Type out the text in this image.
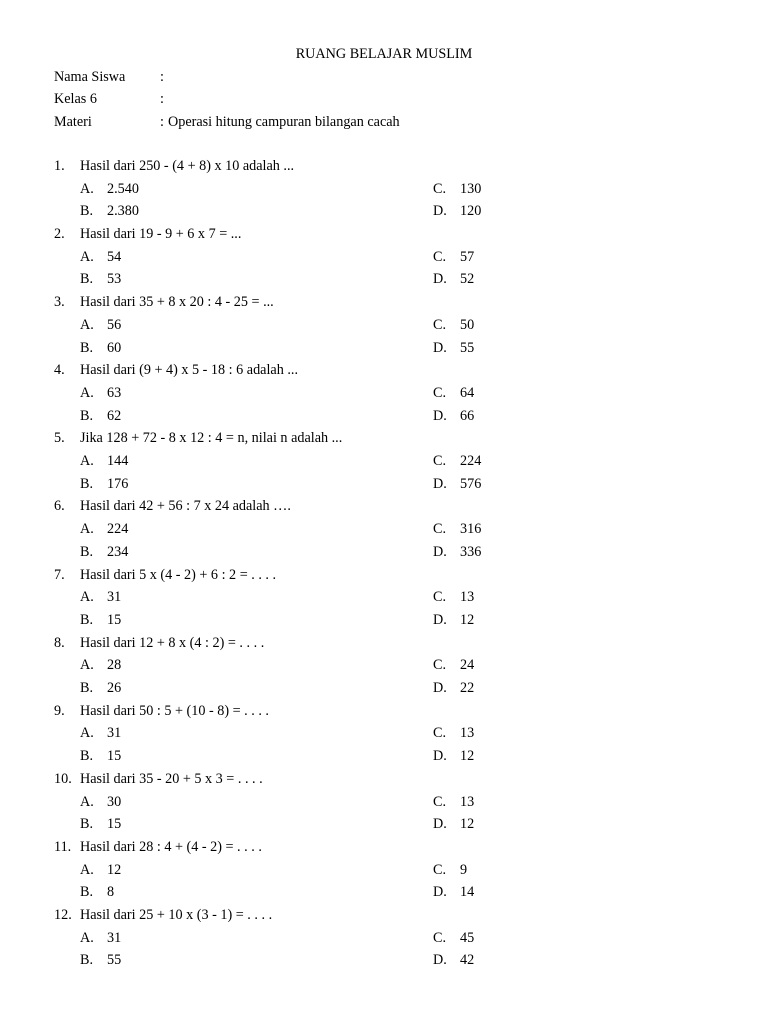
RUANG BELAJAR MUSLIM
Nama Siswa :
Kelas 6	:
Materi	: Operasi hitung campuran bilangan cacah
1. Hasil dari 250 - (4 + 8) x 10 adalah ...
A. 2.540	C. 130
B. 2.380	D. 120
2. Hasil dari 19 - 9 + 6 x 7 = ...
A. 54	C. 57
B. 53	D. 52
3. Hasil dari 35 + 8 x 20 : 4 - 25 = ...
A. 56	C. 50
B. 60	D. 55
4. Hasil dari (9 + 4) x 5 - 18 : 6 adalah ...
A. 63	C. 64
B. 62	D. 66
5. Jika 128 + 72 - 8 x 12 : 4 = n, nilai n adalah ...
A. 144	C. 224
B. 176	D. 576
6. Hasil dari 42 + 56 : 7 x 24 adalah ….
A. 224	C. 316
B. 234	D. 336
7. Hasil dari 5 x (4 - 2) + 6 : 2 = . . . .
A. 31	C. 13
B. 15	D. 12
8. Hasil dari 12 + 8 x (4 : 2) = . . . .
A. 28	C. 24
B. 26	D. 22
9. Hasil dari 50 : 5 + (10 - 8) = . . . .
A. 31	C. 13
B. 15	D. 12
10. Hasil dari 35 - 20 + 5 x 3 = . . . .
A. 30	C. 13
B. 15	D. 12
11. Hasil dari 28 : 4 + (4 - 2) = . . . .
A. 12	C. 9
B. 8	D. 14
12. Hasil dari 25 + 10 x (3 - 1) = . . . .
A. 31	C. 45
B. 55	D. 42
